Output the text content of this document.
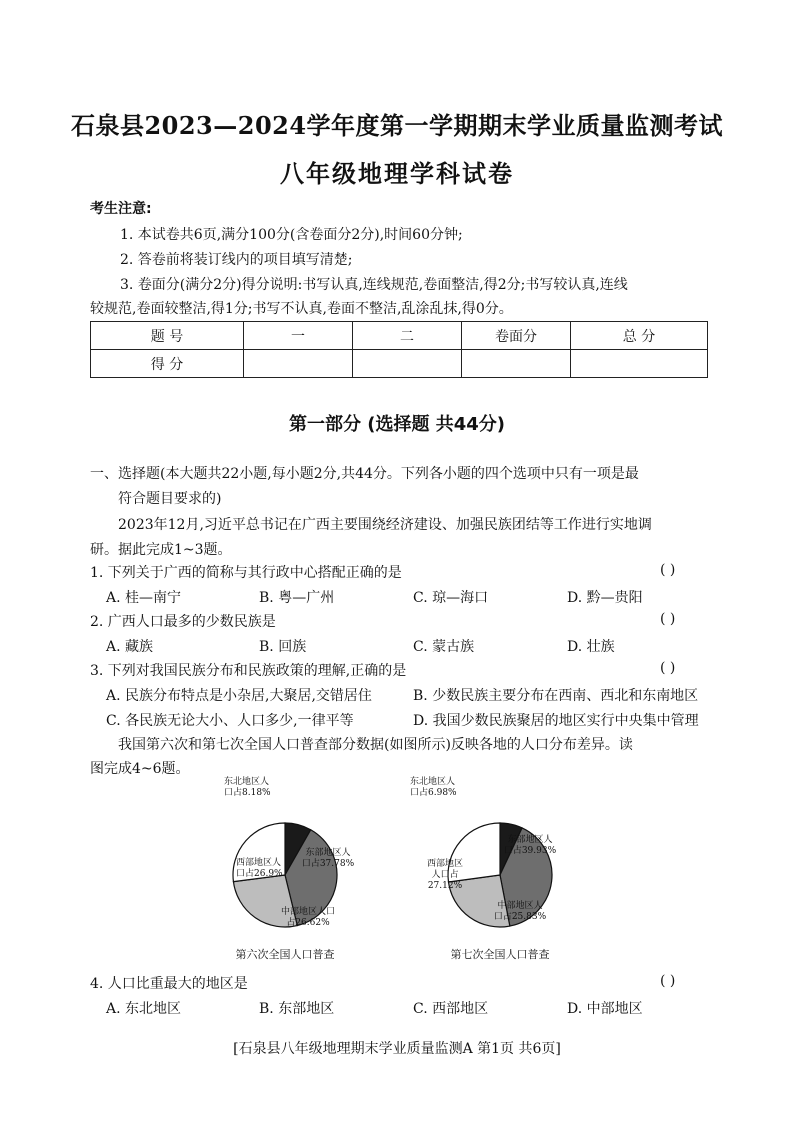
石泉县2023—2024学年度第一学期期末学业质量监测考试
八年级地理学科试卷
考生注意:
1. 本试卷共6页,满分100分(含卷面分2分),时间60分钟;
2. 答卷前将装订线内的项目填写清楚;
3. 卷面分(满分2分)得分说明:书写认真,连线规范,卷面整洁,得2分;书写较认真,连线
较规范,卷面较整洁,得1分;书写不认真,卷面不整洁,乱涂乱抹,得0分。
题 号	一	二	卷面分	总 分
得 分				
第一部分 (选择题 共44分)
一、选择题(本大题共22小题,每小题2分,共44分。下列各小题的四个选项中只有一项是最
符合题目要求的)
2023年12月,习近平总书记在广西主要围绕经济建设、加强民族团结等工作进行实地调
研。据此完成1~3题。
1. 下列关于广西的简称与其行政中心搭配正确的是	( )
A. 桂—南宁	B. 粤—广州	C. 琼—海口	D. 黔—贵阳
2. 广西人口最多的少数民族是	( )
A. 藏族	B. 回族	C. 蒙古族	D. 壮族
3. 下列对我国民族分布和民族政策的理解,正确的是	( )
A. 民族分布特点是小杂居,大聚居,交错居住	B. 少数民族主要分布在西南、西北和东南地区
C. 各民族无论大小、人口多少,一律平等	D. 我国少数民族聚居的地区实行中央集中管理
我国第六次和第七次全国人口普查部分数据(如图所示)反映各地的人口分布差异。读
图完成4~6题。
东北地区人口占8.18%
东部地区人口占37.78%
中部地区人口占26.62%
西部地区人口占26.9%
第六次全国人口普查
东北地区人口占6.98%
东部地区人口占39.93%
中部地区人口占25.83%
西部地区人口占 27.12%
第七次全国人口普查
4. 人口比重最大的地区是	( )
A. 东北地区	B. 东部地区	C. 西部地区	D. 中部地区
[石泉县八年级地理期末学业质量监测A 第1页 共6页]
